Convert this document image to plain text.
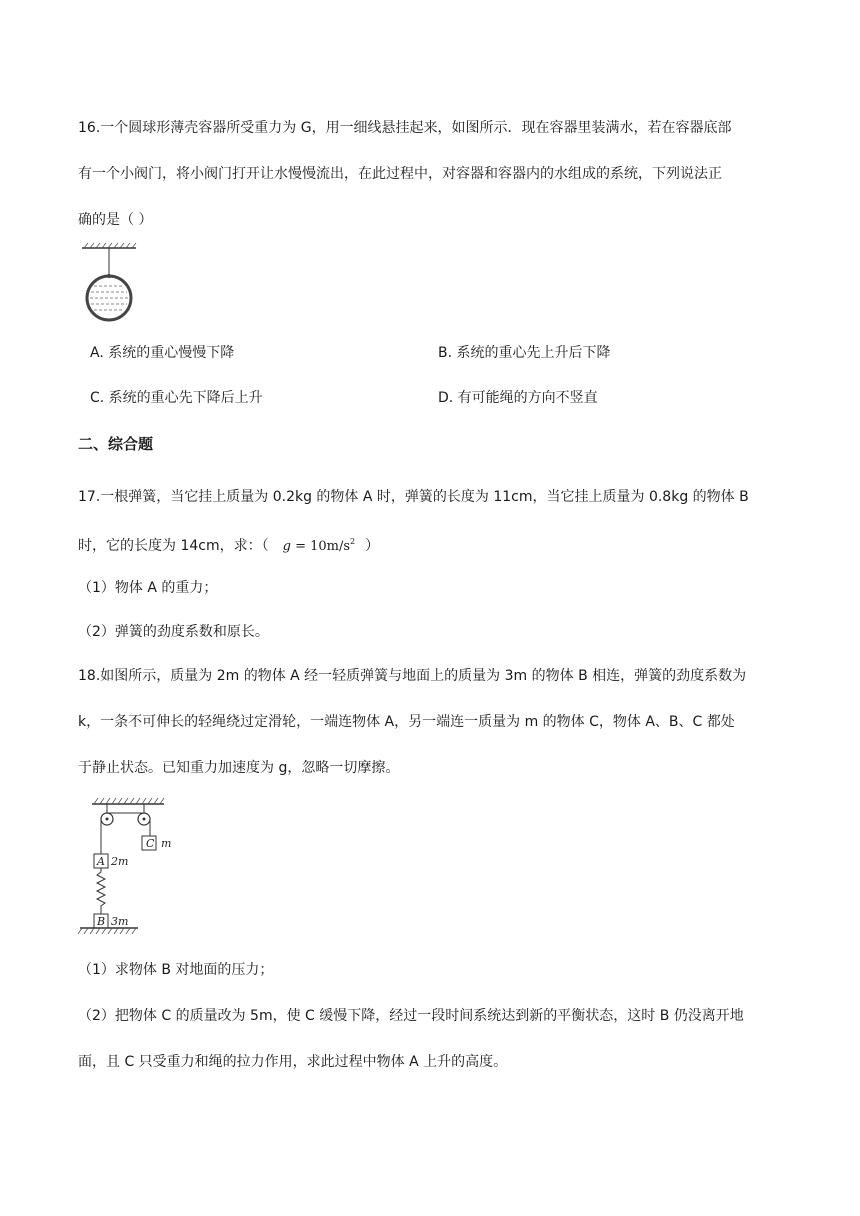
16.一个圆球形薄壳容器所受重力为 G，用一细线悬挂起来，如图所示．现在容器里装满水，若在容器底部
有一个小阀门，将小阀门打开让水慢慢流出，在此过程中，对容器和容器内的水组成的系统，下列说法正
确的是（ ）
A. 系统的重心慢慢下降	B. 系统的重心先上升后下降
C. 系统的重心先下降后上升	D. 有可能绳的方向不竖直
二、综合题
17.一根弹簧，当它挂上质量为 0.2kg 的物体 A 时，弹簧的长度为 11cm，当它挂上质量为 0.8kg 的物体 B
时，它的长度为 14cm，求：（ $g = 10m/s^2$ ）
（1）物体 A 的重力；
（2）弹簧的劲度系数和原长。
18.如图所示，质量为 2m 的物体 A 经一轻质弹簧与地面上的质量为 3m 的物体 B 相连，弹簧的劲度系数为
k，一条不可伸长的轻绳绕过定滑轮，一端连物体 A，另一端连一质量为 m 的物体 C，物体 A、B、C 都处
于静止状态。已知重力加速度为 g，忽略一切摩擦。
C m
A 2m
B 3m
（1）求物体 B 对地面的压力；
（2）把物体 C 的质量改为 5m，使 C 缓慢下降，经过一段时间系统达到新的平衡状态，这时 B 仍没离开地
面，且 C 只受重力和绳的拉力作用，求此过程中物体 A 上升的高度。
